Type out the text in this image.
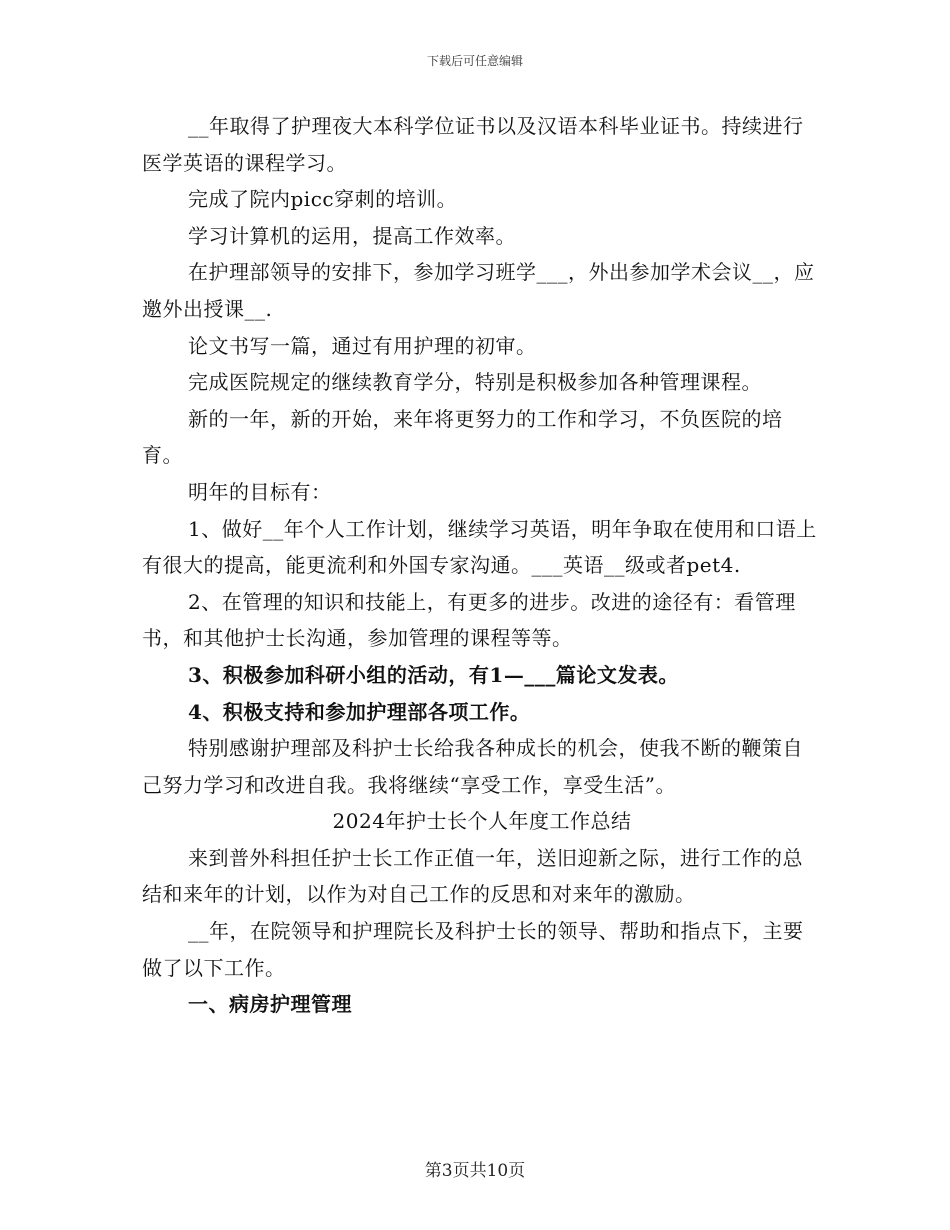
下载后可任意编辑

__年取得了护理夜大本科学位证书以及汉语本科毕业证书。持续进行医学英语的课程学习。

完成了院内picc穿刺的培训。

学习计算机的运用，提高工作效率。

在护理部领导的安排下，参加学习班学___，外出参加学术会议__，应邀外出授课__.

论文书写一篇，通过有用护理的初审。

完成医院规定的继续教育学分，特别是积极参加各种管理课程。

新的一年，新的开始，来年将更努力的工作和学习，不负医院的培育。

明年的目标有：

1、做好__年个人工作计划，继续学习英语，明年争取在使用和口语上有很大的提高，能更流利和外国专家沟通。___英语__级或者pet4.

2、在管理的知识和技能上，有更多的进步。改进的途径有：看管理书，和其他护士长沟通，参加管理的课程等等。

3、积极参加科研小组的活动，有1—___篇论文发表。

4、积极支持和参加护理部各项工作。

特别感谢护理部及科护士长给我各种成长的机会，使我不断的鞭策自己努力学习和改进自我。我将继续“享受工作，享受生活”。

2024年护士长个人年度工作总结

来到普外科担任护士长工作正值一年，送旧迎新之际，进行工作的总结和来年的计划，以作为对自己工作的反思和对来年的激励。

__年，在院领导和护理院长及科护士长的领导、帮助和指点下，主要做了以下工作。

一、病房护理管理

第3页共10页
